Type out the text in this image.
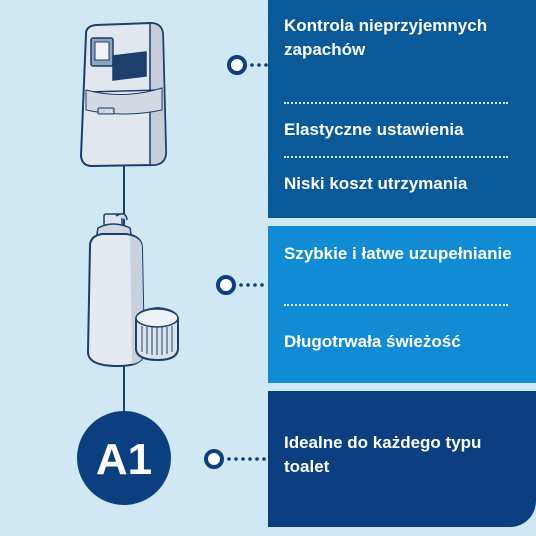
TORK
A1
Kontrola nieprzyjemnych zapachów
Elastyczne ustawienia
Niski koszt utrzymania
Szybkie i łatwe uzupełnianie
Długotrwała świeżość
Idealne do każdego typu toalet
